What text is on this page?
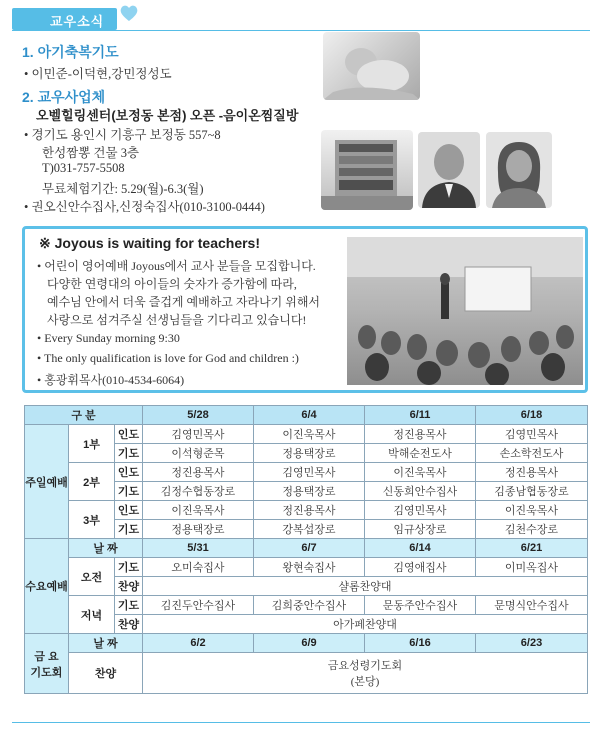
교우소식
1. 아기축복기도
• 이민준-이덕현,강민정성도
2. 교우사업체
오벨힐링센터(보정동 본점) 오픈 -음이온찜질방
• 경기도 용인시 기흥구 보정동 557~8
한성짬뽕 건물 3층
T)031-757-5508
무료체험기간: 5.29(월)-6.3(월)
• 권오신안수집사,신정숙집사(010-3100-0444)
※ Joyous is waiting for teachers!
• 어린이 영어예배 Joyous에서 교사 분들을 모집합니다.
다양한 연령대의 아이들의 숫자가 증가함에 따라,
예수님 안에서 더욱 즐겁게 예배하고 자라나기 위해서
사랑으로 섬겨주실 선생님들을 기다리고 있습니다!
• Every Sunday morning 9:30
• The only qualification is love for God and children :)
• 홍광휘목사(010-4534-6064)
구 분			5/28	6/4	6/11	6/18
주일예배	1부	인도	김영민목사	이진욱목사	정진용목사	김영민목사
		기도	이석형준목	정용택장로	박해순전도사	손소학전도사
	2부	인도	정진용목사	김영민목사	이진욱목사	정진용목사
		기도	김정수협동장로	정용택장로	신동희안수집사	김종남협동장로
	3부	인도	이진욱목사	정진용목사	김영민목사	이진욱목사
		기도	정용택장로	강복섭장로	임규상장로	김천수장로
수요예배	날 짜		5/31	6/7	6/14	6/21
	오전	기도	오미숙집사	왕현숙집사	김영애집사	이미옥집사
		찬양	샬롬찬양대			
	저녁	기도	김진두안수집사	김희중안수집사	문동주안수집사	문명식안수집사
		찬양	아가페찬양대			

금 요
기도회	날 짜		6/2	6/9	6/16	6/23
	찬양		금요성령기도회
(본당)			
